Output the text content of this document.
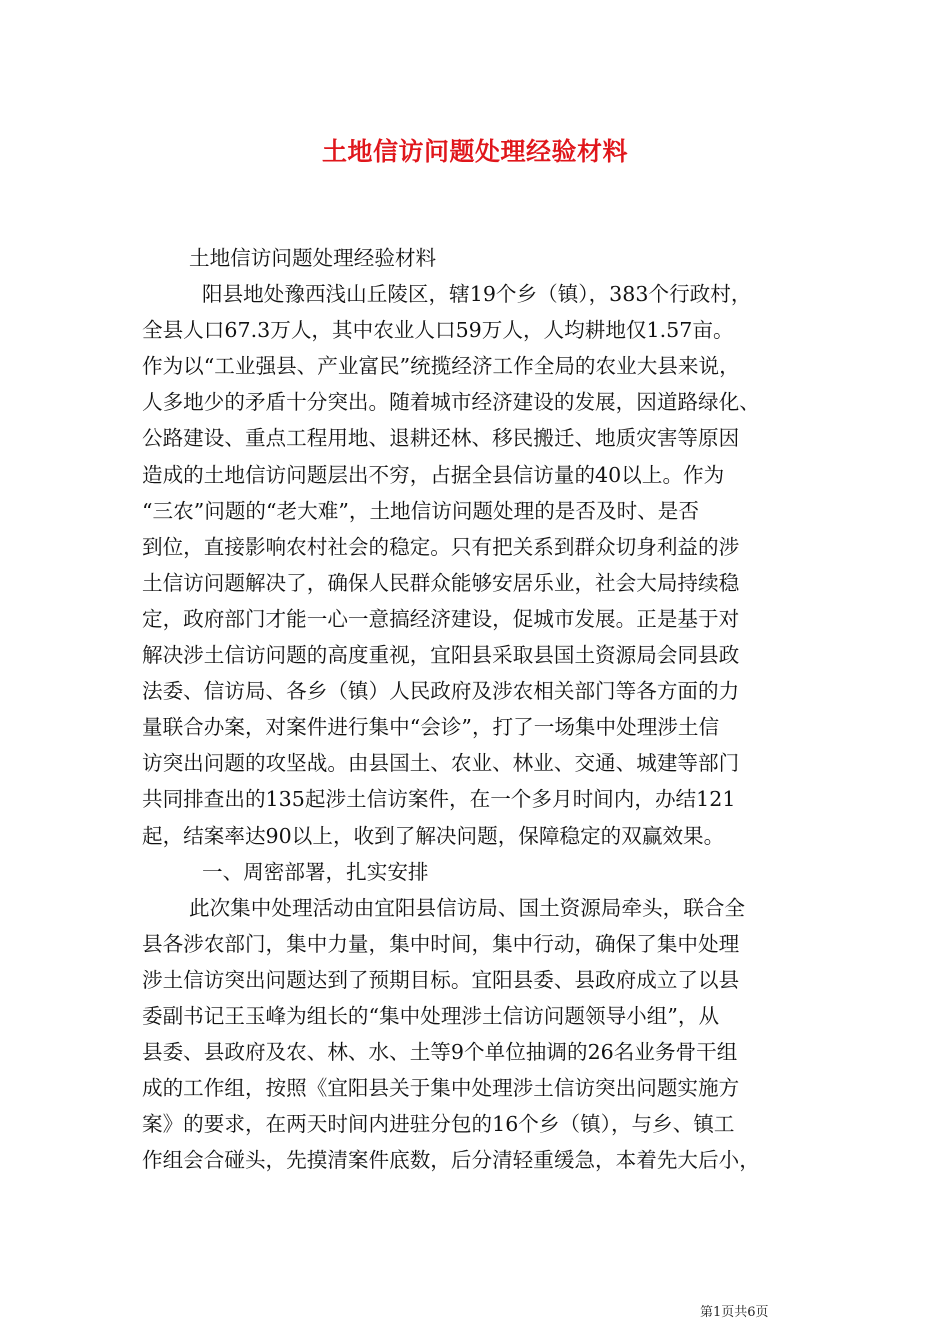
土地信访问题处理经验材料
土地信访问题处理经验材料
阳县地处豫西浅山丘陵区，辖19个乡（镇），383个行政村，
全县人口67.3万人，其中农业人口59万人，人均耕地仅1.57亩。
作为以“工业强县、产业富民”统揽经济工作全局的农业大县来说，
人多地少的矛盾十分突出。随着城市经济建设的发展，因道路绿化、
公路建设、重点工程用地、退耕还林、移民搬迁、地质灾害等原因
造成的土地信访问题层出不穷，占据全县信访量的40以上。作为
“三农”问题的“老大难”，土地信访问题处理的是否及时、是否
到位，直接影响农村社会的稳定。只有把关系到群众切身利益的涉
土信访问题解决了，确保人民群众能够安居乐业，社会大局持续稳
定，政府部门才能一心一意搞经济建设，促城市发展。正是基于对
解决涉土信访问题的高度重视，宜阳县采取县国土资源局会同县政
法委、信访局、各乡（镇）人民政府及涉农相关部门等各方面的力
量联合办案，对案件进行集中“会诊”，打了一场集中处理涉土信
访突出问题的攻坚战。由县国土、农业、林业、交通、城建等部门
共同排查出的135起涉土信访案件，在一个多月时间内，办结121
起，结案率达90以上，收到了解决问题，保障稳定的双赢效果。
一、周密部署，扎实安排
此次集中处理活动由宜阳县信访局、国土资源局牵头，联合全
县各涉农部门，集中力量，集中时间，集中行动，确保了集中处理
涉土信访突出问题达到了预期目标。宜阳县委、县政府成立了以县
委副书记王玉峰为组长的“集中处理涉土信访问题领导小组”，从
县委、县政府及农、林、水、土等9个单位抽调的26名业务骨干组
成的工作组，按照《宜阳县关于集中处理涉土信访突出问题实施方
案》的要求，在两天时间内进驻分包的16个乡（镇），与乡、镇工
作组会合碰头，先摸清案件底数，后分清轻重缓急，本着先大后小，
第1页共6页
